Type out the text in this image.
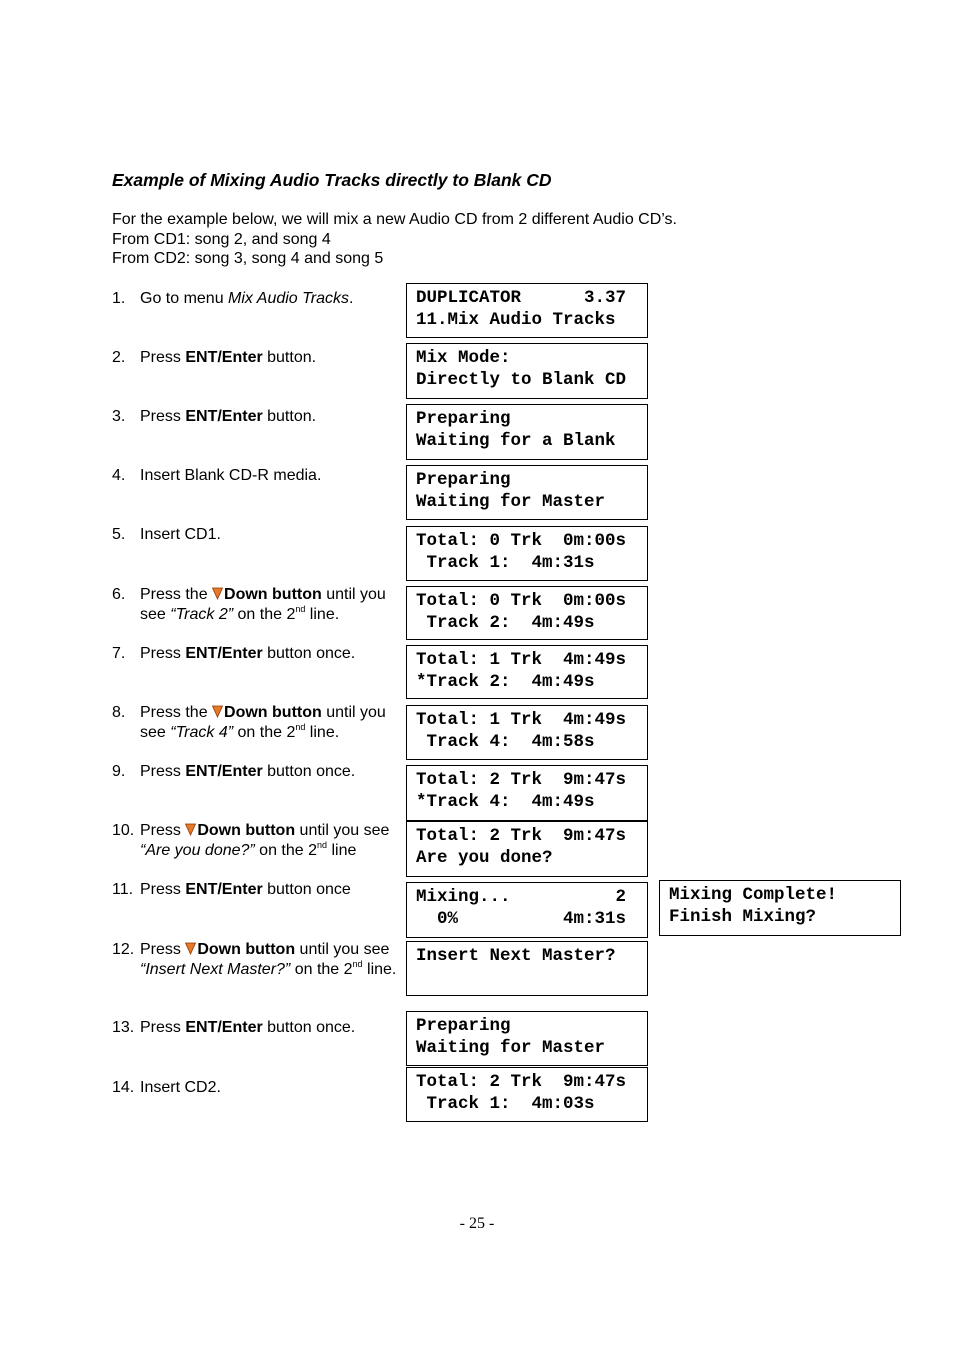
Example of Mixing Audio Tracks directly to Blank CD
For the example below, we will mix a new Audio CD from 2 different Audio CD’s.
From CD1: song 2, and song 4
From CD2: song 3, song 4 and song 5
1. Go to menu Mix Audio Tracks.
2. Press ENT/Enter button.
3. Press ENT/Enter button.
4. Insert Blank CD-R media.
5. Insert CD1.
6. Press the Down button until you see “Track 2” on the 2nd line.
7. Press ENT/Enter button once.
8. Press the Down button until you see “Track 4” on the 2nd line.
9. Press ENT/Enter button once.
10. Press Down button until you see “Are you done?” on the 2nd line
11. Press ENT/Enter button once
12. Press Down button until you see “Insert Next Master?” on the 2nd line.
13. Press ENT/Enter button once.
14. Insert CD2.
DUPLICATOR      3.37
11.Mix Audio Tracks
Mix Mode:
Directly to Blank CD
Preparing
Waiting for a Blank
Preparing
Waiting for Master
Total: 0 Trk  0m:00s
Track 1:  4m:31s
Total: 0 Trk  0m:00s
Track 2:  4m:49s
Total: 1 Trk  4m:49s
*Track 2:  4m:49s
Total: 1 Trk  4m:49s
Track 4:  4m:58s
Total: 2 Trk  9m:47s
*Track 4:  4m:49s
Total: 2 Trk  9m:47s
Are you done?
Mixing...          2
0%          4m:31s
Mixing Complete!
Finish Mixing?
Insert Next Master?
Preparing
Waiting for Master
Total: 2 Trk  9m:47s
Track 1:  4m:03s
- 25 -
